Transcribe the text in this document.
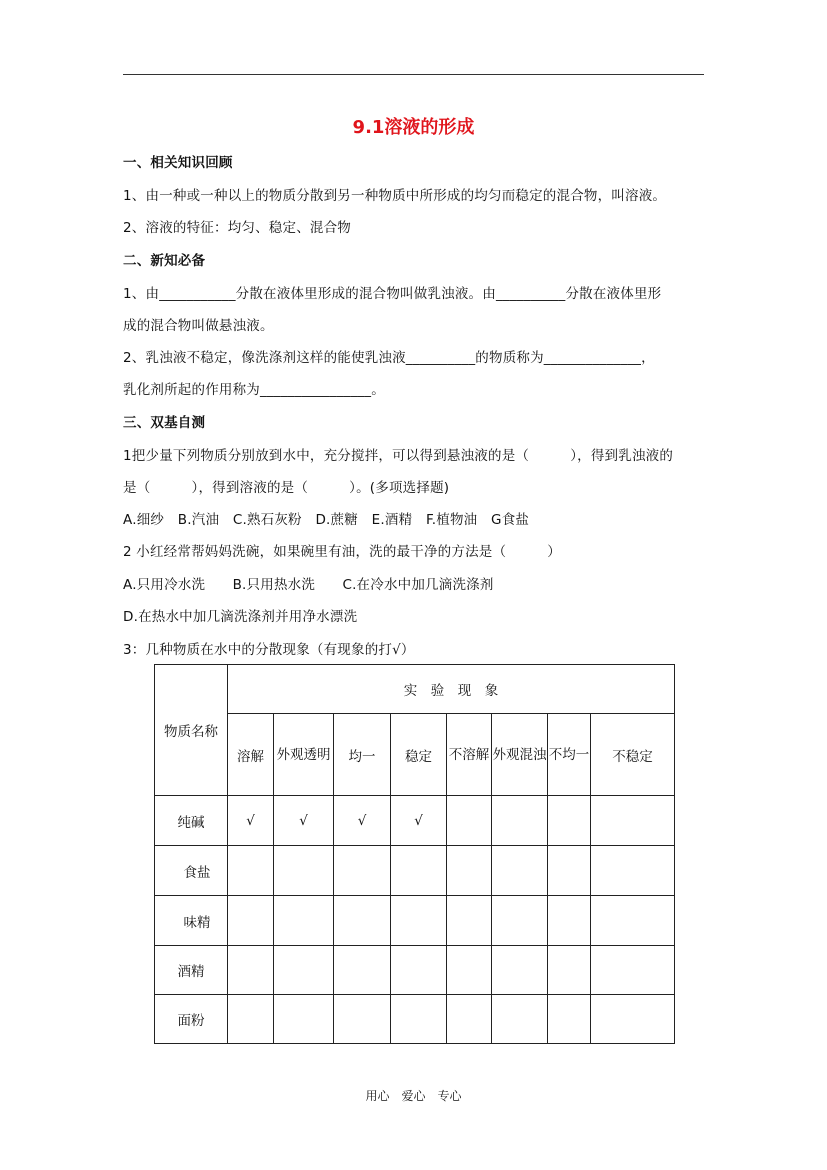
9.1溶液的形成
一、相关知识回顾
1、由一种或一种以上的物质分散到另一种物质中所形成的均匀而稳定的混合物，叫溶液。
2、溶液的特征：均匀、稳定、混合物
二、新知必备
1、由___________分散在液体里形成的混合物叫做乳浊液。由__________分散在液体里形
成的混合物叫做悬浊液。
2、乳浊液不稳定，像洗涤剂这样的能使乳浊液__________的物质称为______________，
乳化剂所起的作用称为________________。
三、双基自测
1把少量下列物质分别放到水中，充分搅拌，可以得到悬浊液的是（　　　），得到乳浊液的
是（　　　），得到溶液的是（　　　）。(多项选择题)
A.细纱　B.汽油　C.熟石灰粉　D.蔗糖　E.酒精　F.植物油　G食盐
2 小红经常帮妈妈洗碗，如果碗里有油，洗的最干净的方法是（　　　）
A.只用冷水洗　　B.只用热水洗　　C.在冷水中加几滴洗涤剂
D.在热水中加几滴洗涤剂并用净水漂洗
3：几种物质在水中的分散现象（有现象的打√）
物质名称	实　验　现　象							
	溶解	外观透明	均一	稳定	不溶解	外观混浊	不均一	不稳定
纯碱	√	√	√	√				
食盐								
味精								
酒精								
面粉								
用心　爱心　专心
